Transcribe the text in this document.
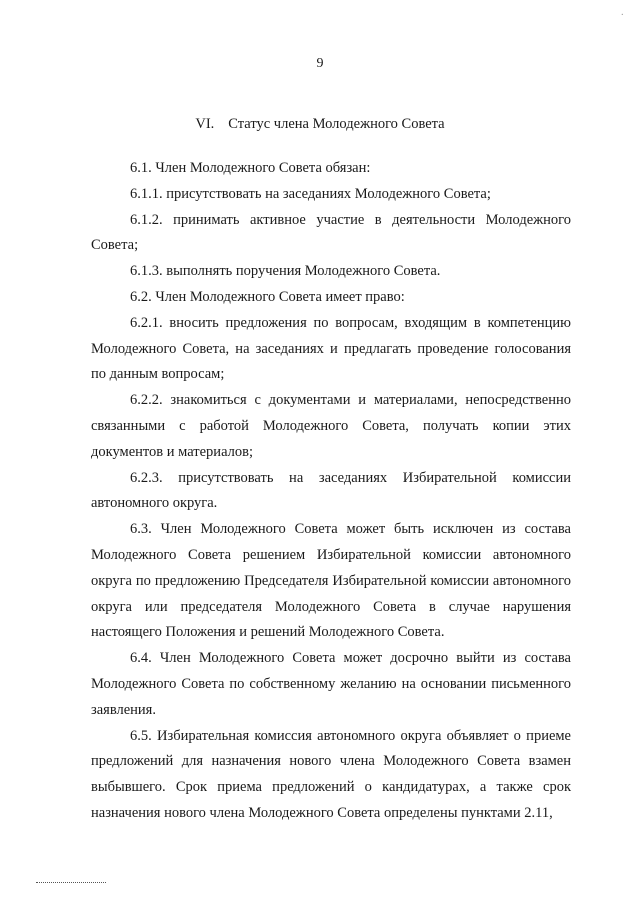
·
9
VI. Статус члена Молодежного Совета

6.1. Член Молодежного Совета обязан:

6.1.1. присутствовать на заседаниях Молодежного Совета;

6.1.2. принимать активное участие в деятельности Молодежного Совета;

6.1.3. выполнять поручения Молодежного Совета.

6.2. Член Молодежного Совета имеет право:

6.2.1. вносить предложения по вопросам, входящим в компетенцию Молодежного Совета, на заседаниях и предлагать проведение голосования по данным вопросам;

6.2.2. знакомиться с документами и материалами, непосредственно связанными с работой Молодежного Совета, получать копии этих документов и материалов;

6.2.3. присутствовать на заседаниях Избирательной комиссии автономного округа.

6.3. Член Молодежного Совета может быть исключен из состава Молодежного Совета решением Избирательной комиссии автономного округа по предложению Председателя Избирательной комиссии автономного округа или председателя Молодежного Совета в случае нарушения настоящего Положения и решений Молодежного Совета.

6.4. Член Молодежного Совета может досрочно выйти из состава Молодежного Совета по собственному желанию на основании письменного заявления.

6.5. Избирательная комиссия автономного округа объявляет о приеме предложений для назначения нового члена Молодежного Совета взамен выбывшего. Срок приема предложений о кандидатурах, а также срок назначения нового члена Молодежного Совета определены пунктами 2.11,
